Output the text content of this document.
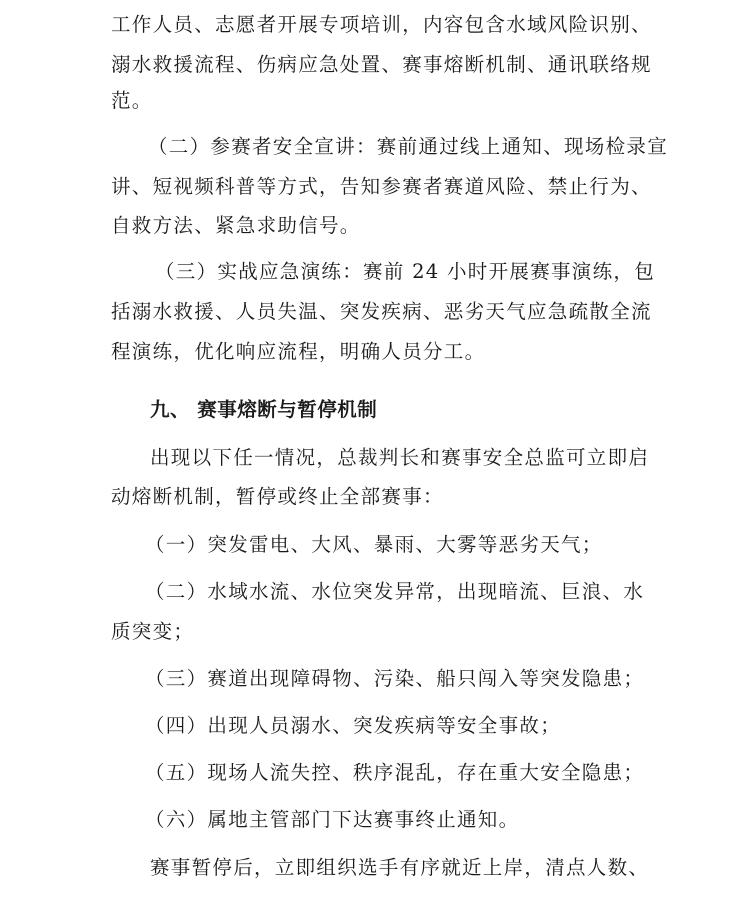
工作人员、志愿者开展专项培训，内容包含水域风险识别、
溺水救援流程、伤病应急处置、赛事熔断机制、通讯联络规
范。
（二）参赛者安全宣讲：赛前通过线上通知、现场检录宣
讲、短视频科普等方式，告知参赛者赛道风险、禁止行为、
自救方法、紧急求助信号。
（三）实战应急演练：赛前 24 小时开展赛事演练，包
括溺水救援、人员失温、突发疾病、恶劣天气应急疏散全流
程演练，优化响应流程，明确人员分工。
九、 赛事熔断与暂停机制
出现以下任一情况，总裁判长和赛事安全总监可立即启
动熔断机制，暂停或终止全部赛事：
（一）突发雷电、大风、暴雨、大雾等恶劣天气；
（二）水域水流、水位突发异常，出现暗流、巨浪、水
质突变；
（三）赛道出现障碍物、污染、船只闯入等突发隐患；
（四）出现人员溺水、突发疾病等安全事故；
（五）现场人流失控、秩序混乱，存在重大安全隐患；
（六）属地主管部门下达赛事终止通知。
赛事暂停后，立即组织选手有序就近上岸，清点人数、
